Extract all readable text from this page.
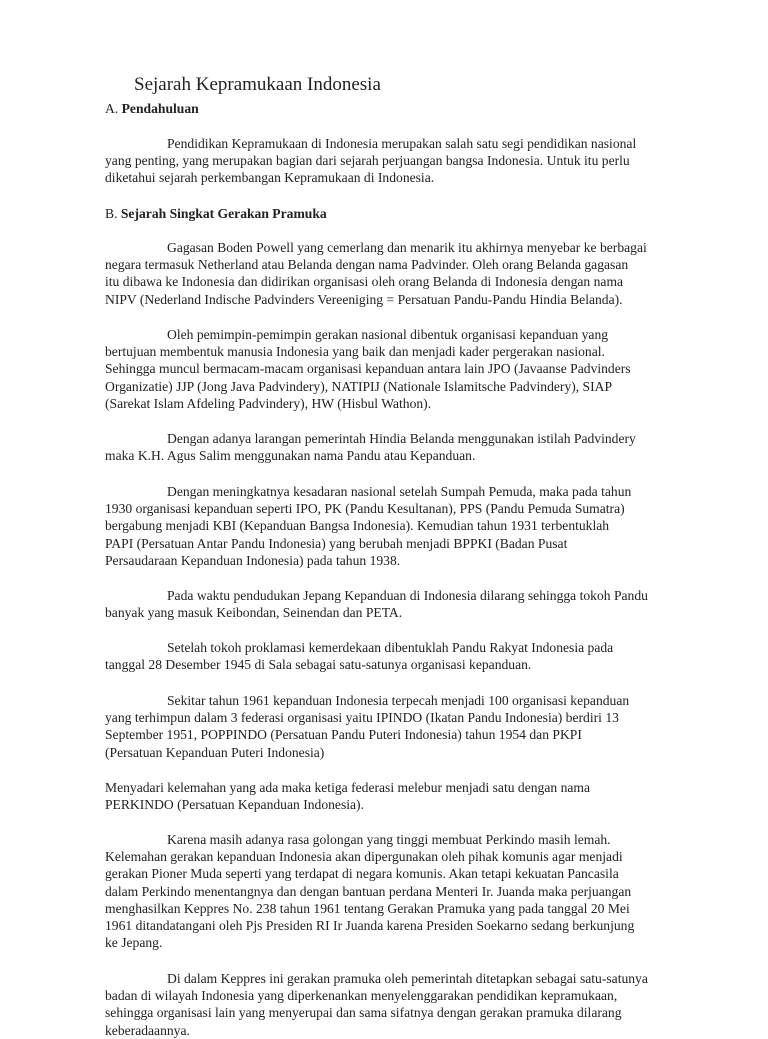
Sejarah Kepramukaan Indonesia
A. Pendahuluan
Pendidikan Kepramukaan di Indonesia merupakan salah satu segi pendidikan nasional
yang penting, yang merupakan bagian dari sejarah perjuangan bangsa Indonesia. Untuk itu perlu
diketahui sejarah perkembangan Kepramukaan di Indonesia.
B. Sejarah Singkat Gerakan Pramuka
Gagasan Boden Powell yang cemerlang dan menarik itu akhirnya menyebar ke berbagai
negara termasuk Netherland atau Belanda dengan nama Padvinder. Oleh orang Belanda gagasan
itu dibawa ke Indonesia dan didirikan organisasi oleh orang Belanda di Indonesia dengan nama
NIPV (Nederland Indische Padvinders Vereeniging = Persatuan Pandu-Pandu Hindia Belanda).
Oleh pemimpin-pemimpin gerakan nasional dibentuk organisasi kepanduan yang
bertujuan membentuk manusia Indonesia yang baik dan menjadi kader pergerakan nasional.
Sehingga muncul bermacam-macam organisasi kepanduan antara lain JPO (Javaanse Padvinders
Organizatie) JJP (Jong Java Padvindery), NATIPIJ (Nationale Islamitsche Padvindery), SIAP
(Sarekat Islam Afdeling Padvindery), HW (Hisbul Wathon).
Dengan adanya larangan pemerintah Hindia Belanda menggunakan istilah Padvindery
maka K.H. Agus Salim menggunakan nama Pandu atau Kepanduan.
Dengan meningkatnya kesadaran nasional setelah Sumpah Pemuda, maka pada tahun
1930 organisasi kepanduan seperti IPO, PK (Pandu Kesultanan), PPS (Pandu Pemuda Sumatra)
bergabung menjadi KBI (Kepanduan Bangsa Indonesia). Kemudian tahun 1931 terbentuklah
PAPI (Persatuan Antar Pandu Indonesia) yang berubah menjadi BPPKI (Badan Pusat
Persaudaraan Kepanduan Indonesia) pada tahun 1938.
Pada waktu pendudukan Jepang Kepanduan di Indonesia dilarang sehingga tokoh Pandu
banyak yang masuk Keibondan, Seinendan dan PETA.
Setelah tokoh proklamasi kemerdekaan dibentuklah Pandu Rakyat Indonesia pada
tanggal 28 Desember 1945 di Sala sebagai satu-satunya organisasi kepanduan.
Sekitar tahun 1961 kepanduan Indonesia terpecah menjadi 100 organisasi kepanduan
yang terhimpun dalam 3 federasi organisasi yaitu IPINDO (Ikatan Pandu Indonesia) berdiri 13
September 1951, POPPINDO (Persatuan Pandu Puteri Indonesia) tahun 1954 dan PKPI
(Persatuan Kepanduan Puteri Indonesia)
Menyadari kelemahan yang ada maka ketiga federasi melebur menjadi satu dengan nama
PERKINDO (Persatuan Kepanduan Indonesia).
Karena masih adanya rasa golongan yang tinggi membuat Perkindo masih lemah.
Kelemahan gerakan kepanduan Indonesia akan dipergunakan oleh pihak komunis agar menjadi
gerakan Pioner Muda seperti yang terdapat di negara komunis. Akan tetapi kekuatan Pancasila
dalam Perkindo menentangnya dan dengan bantuan perdana Menteri Ir. Juanda maka perjuangan
menghasilkan Keppres No. 238 tahun 1961 tentang Gerakan Pramuka yang pada tanggal 20 Mei
1961 ditandatangani oleh Pjs Presiden RI Ir Juanda karena Presiden Soekarno sedang berkunjung
ke Jepang.
Di dalam Keppres ini gerakan pramuka oleh pemerintah ditetapkan sebagai satu-satunya
badan di wilayah Indonesia yang diperkenankan menyelenggarakan pendidikan kepramukaan,
sehingga organisasi lain yang menyerupai dan sama sifatnya dengan gerakan pramuka dilarang
keberadaannya.
